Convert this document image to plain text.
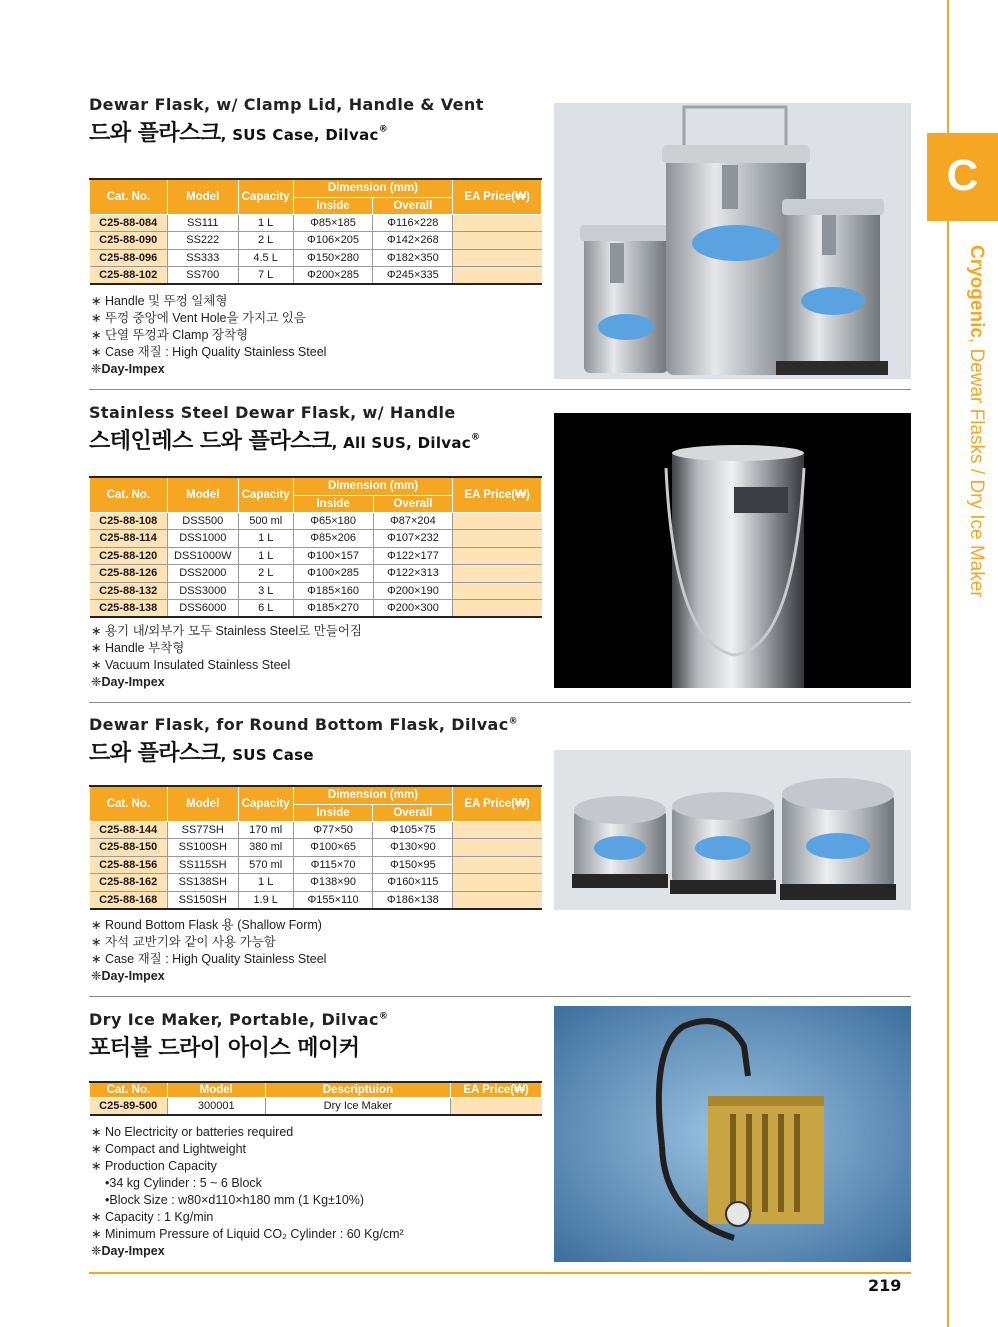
C
Cryogenic, Dewar Flasks / Dry Ice Maker
Dewar Flask, w/ Clamp Lid, Handle & Vent
드와 플라스크, SUS Case, Dilvac®
Cat. No.	Model	Capacity	Dimension (mm)		EA Price(₩)
			Inside	Overall	
C25-88-084	SS111	1 L	Φ85×185	Φ116×228	
C25-88-090	SS222	2 L	Φ106×205	Φ142×268	
C25-88-096	SS333	4.5 L	Φ150×280	Φ182×350	
C25-88-102	SS700	7 L	Φ200×285	Φ245×335	
∗ Handle 및 뚜껑 일체형
∗ 뚜껑 중앙에 Vent Hole을 가지고 있음
∗ 단열 뚜껑과 Clamp 장착형
∗ Case 재질 : High Quality Stainless Steel
❈ Day-Impex
Stainless Steel Dewar Flask, w/ Handle
스테인레스 드와 플라스크, All SUS, Dilvac®
Cat. No.	Model	Capacity	Dimension (mm)		EA Price(₩)
			Inside	Overall	
C25-88-108	DSS500	500 ml	Φ65×180	Φ87×204	
C25-88-114	DSS1000	1 L	Φ85×206	Φ107×232	
C25-88-120	DSS1000W	1 L	Φ100×157	Φ122×177	
C25-88-126	DSS2000	2 L	Φ100×285	Φ122×313	
C25-88-132	DSS3000	3 L	Φ185×160	Φ200×190	
C25-88-138	DSS6000	6 L	Φ185×270	Φ200×300	
∗ 용기 내/외부가 모두 Stainless Steel로 만들어짐
∗ Handle 부착형
∗ Vacuum Insulated Stainless Steel
❈ Day-Impex
Dewar Flask, for Round Bottom Flask, Dilvac®
드와 플라스크, SUS Case
Cat. No.	Model	Capacity	Dimension (mm)		EA Price(₩)
			Inside	Overall	
C25-88-144	SS77SH	170 ml	Φ77×50	Φ105×75	
C25-88-150	SS100SH	380 ml	Φ100×65	Φ130×90	
C25-88-156	SS115SH	570 ml	Φ115×70	Φ150×95	
C25-88-162	SS138SH	1 L	Φ138×90	Φ160×115	
C25-88-168	SS150SH	1.9 L	Φ155×110	Φ186×138	
∗ Round Bottom Flask 용 (Shallow Form)
∗ 자석 교반기와 같이 사용 가능함
∗ Case 재질 : High Quality Stainless Steel
❈ Day-Impex
Dry Ice Maker, Portable, Dilvac®
포터블 드라이 아이스 메이커
Cat. No.	Model	Descriptuion	EA Price(₩)
C25-89-500	300001	Dry Ice Maker	
∗ No Electricity or batteries required
∗ Compact and Lightweight
∗ Production Capacity
• 34 kg Cylinder : 5 ~ 6 Block
• Block Size : w80×d110×h180 mm (1 Kg±10%)
∗ Capacity : 1 Kg/min
∗ Minimum Pressure of Liquid CO₂ Cylinder : 60 Kg/cm²
❈ Day-Impex
219
